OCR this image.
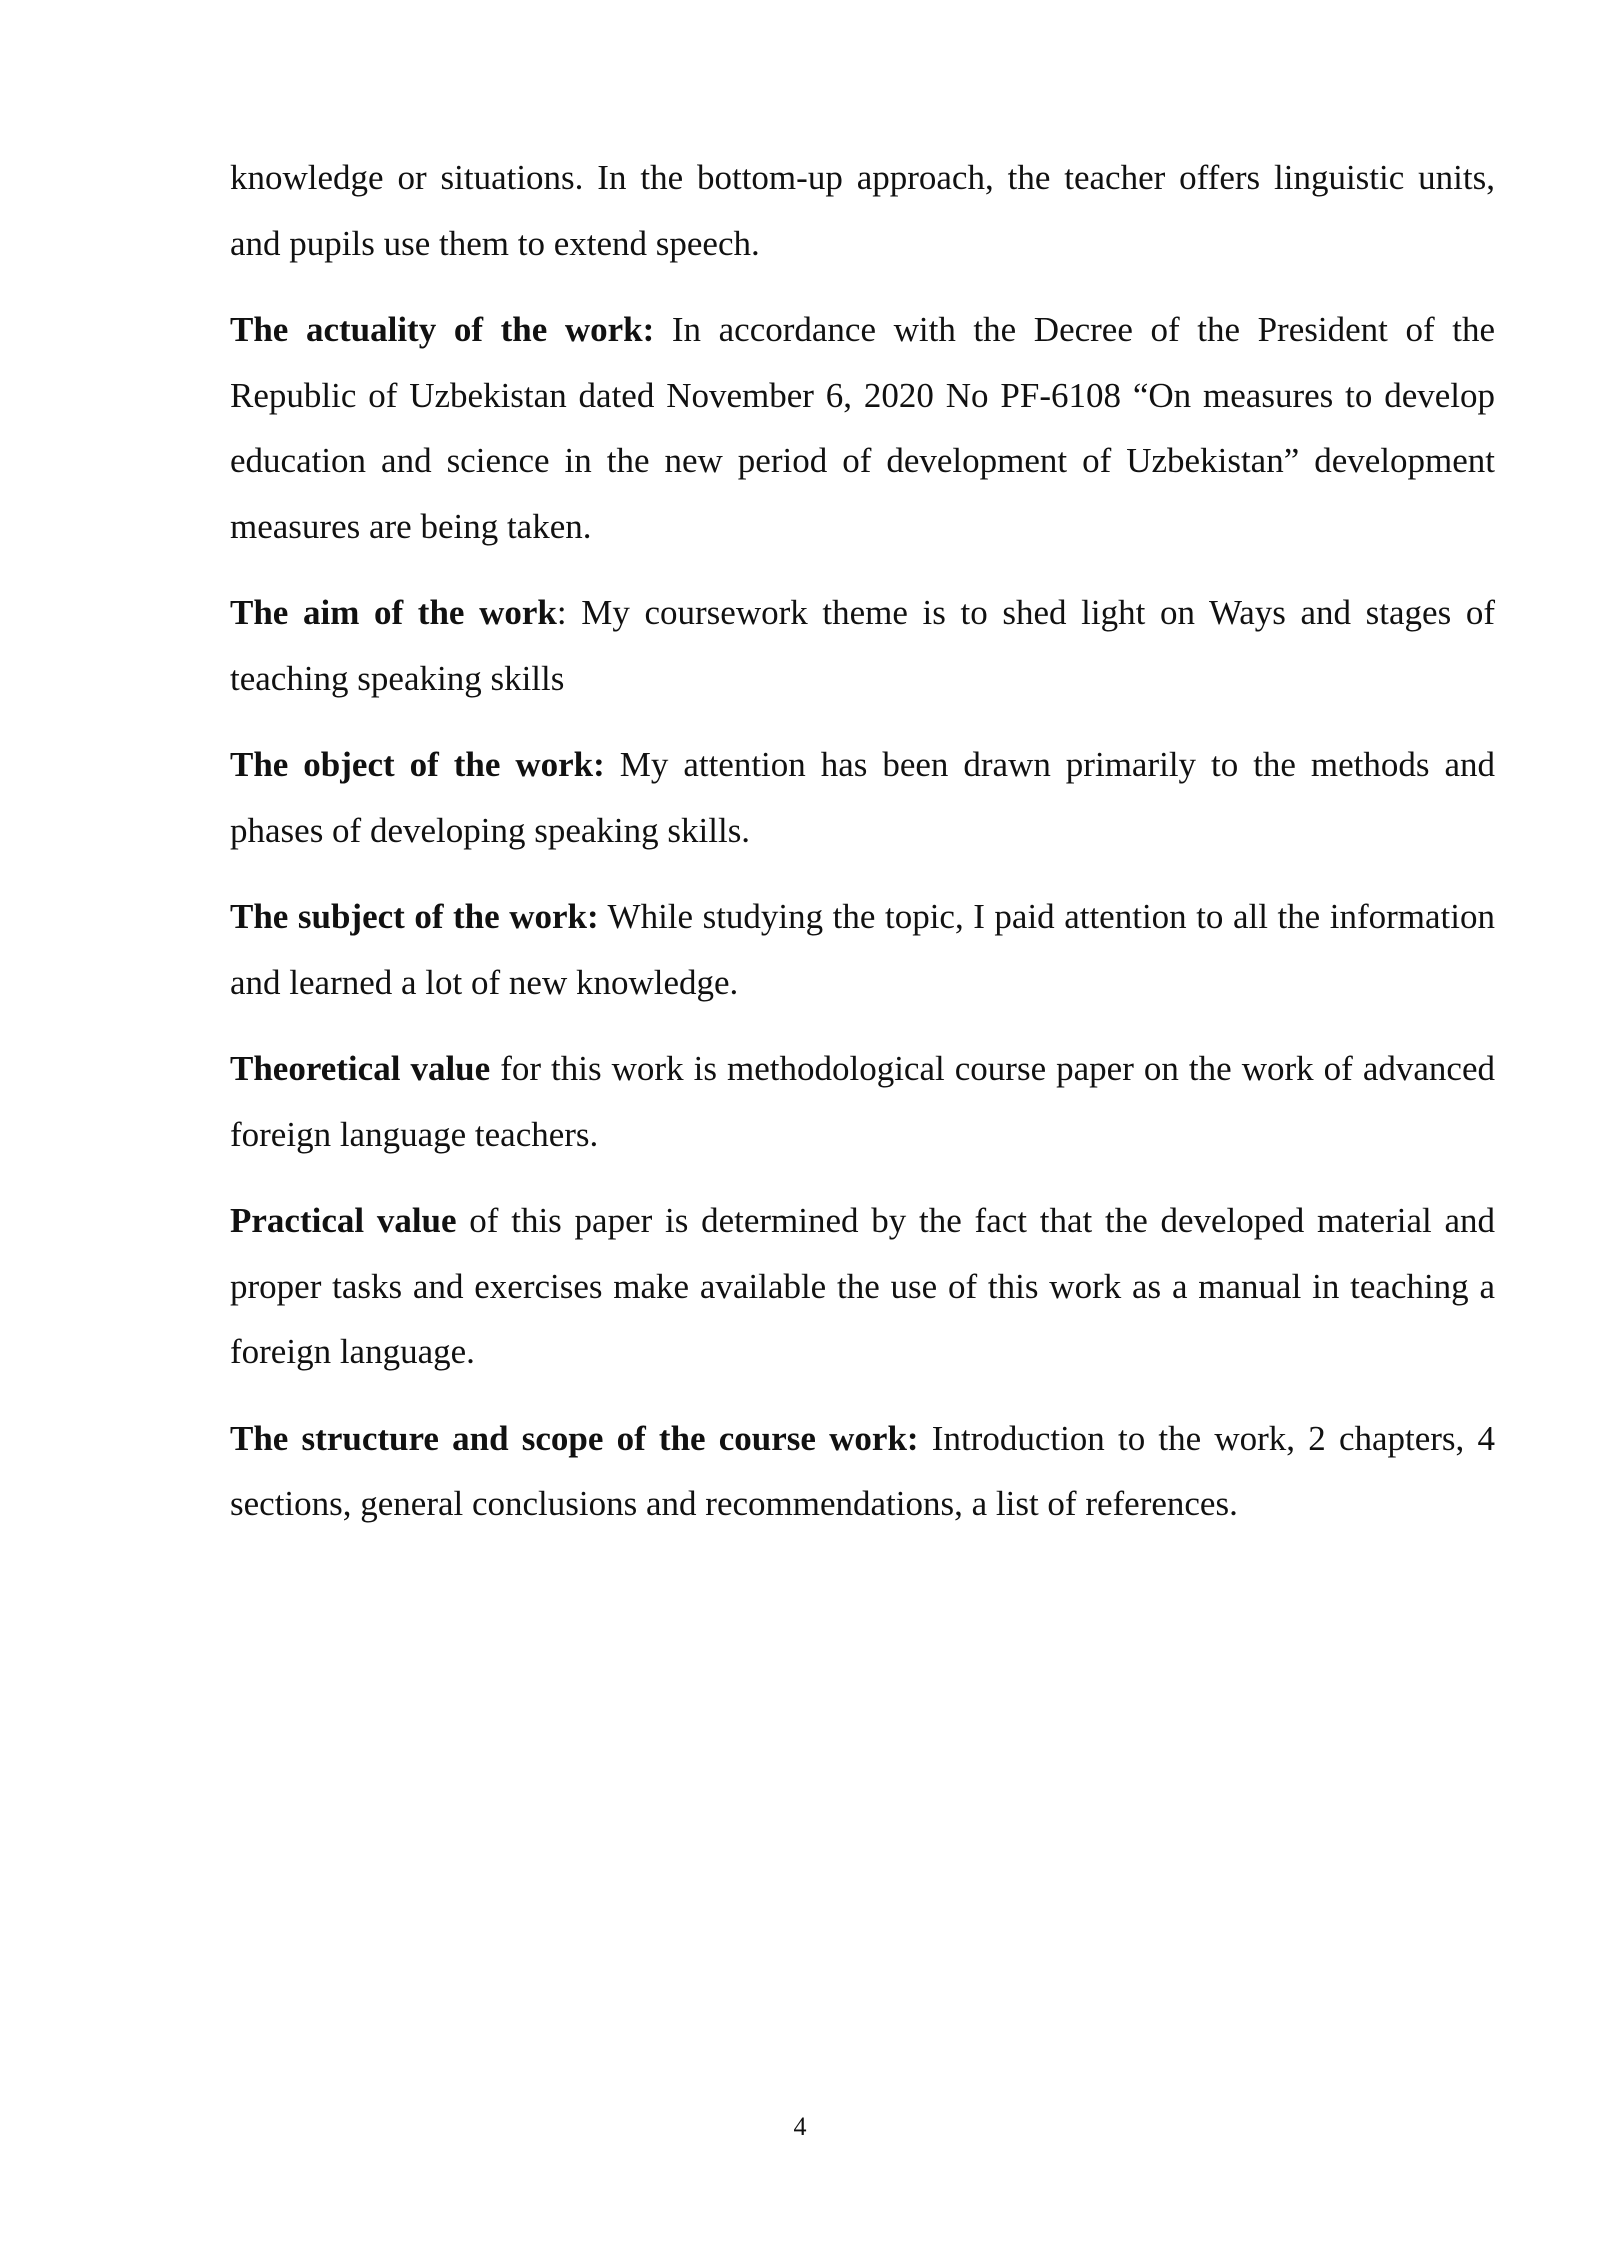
knowledge or situations. In the bottom-up approach, the teacher offers linguistic units, and pupils use them to extend speech.

The actuality of the work: In accordance with the Decree of the President of the Republic of Uzbekistan dated November 6, 2020 No PF-6108 “On measures to develop education and science in the new period of development of Uzbekistan” development measures are being taken.

The aim of the work: My coursework theme is to shed light on Ways and stages of teaching speaking skills

The object of the work: My attention has been drawn primarily to the methods and phases of developing speaking skills.

The subject of the work: While studying the topic, I paid attention to all the information and learned a lot of new knowledge.

Theoretical value for this work is methodological course paper on the work of advanced foreign language teachers.

Practical value of this paper is determined by the fact that the developed material and proper tasks and exercises make available the use of this work as a manual in teaching a foreign language.

The structure and scope of the course work: Introduction to the work, 2 chapters, 4 sections, general conclusions and recommendations, a list of references.

4
